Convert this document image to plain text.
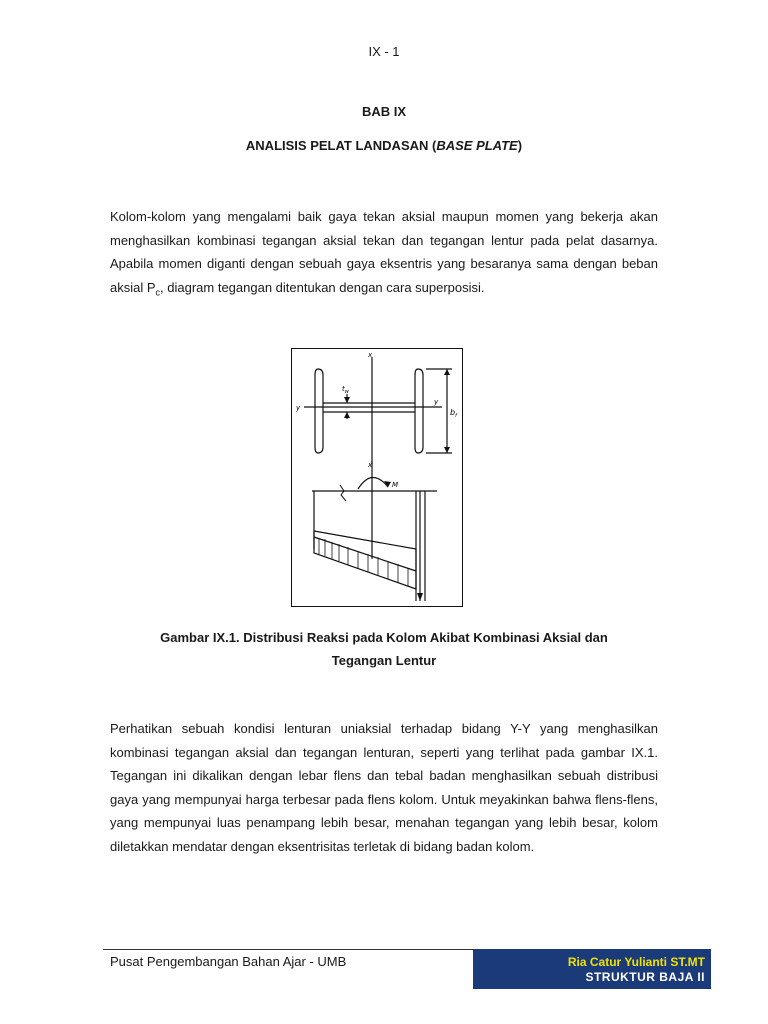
IX - 1
BAB IX
ANALISIS PELAT LANDASAN (BASE PLATE)

Kolom-kolom yang mengalami baik gaya tekan aksial maupun momen yang bekerja akan menghasilkan kombinasi tegangan aksial tekan dan tegangan lentur pada pelat dasarnya. Apabila momen diganti dengan sebuah gaya eksentris yang besaranya sama dengan beban aksial $P_c$, diagram tegangan ditentukan dengan cara superposisi.

x
y
y
$t_w$
$b_f$
x
M
Gambar IX.1. Distribusi Reaksi pada Kolom Akibat Kombinasi Aksial dan
Tegangan Lentur

Perhatikan sebuah kondisi lenturan uniaksial terhadap bidang Y-Y yang menghasilkan kombinasi tegangan aksial dan tegangan lenturan, seperti yang terlihat pada gambar IX.1. Tegangan ini dikalikan dengan lebar flens dan tebal badan menghasilkan sebuah distribusi gaya yang mempunyai harga terbesar pada flens kolom. Untuk meyakinkan bahwa flens-flens, yang mempunyai luas penampang lebih besar, menahan tegangan yang lebih besar, kolom diletakkan mendatar dengan eksentrisitas terletak di bidang badan kolom.

Pusat Pengembangan Bahan Ajar - UMB	Ria Catur Yulianti ST.MT
STRUKTUR BAJA II
